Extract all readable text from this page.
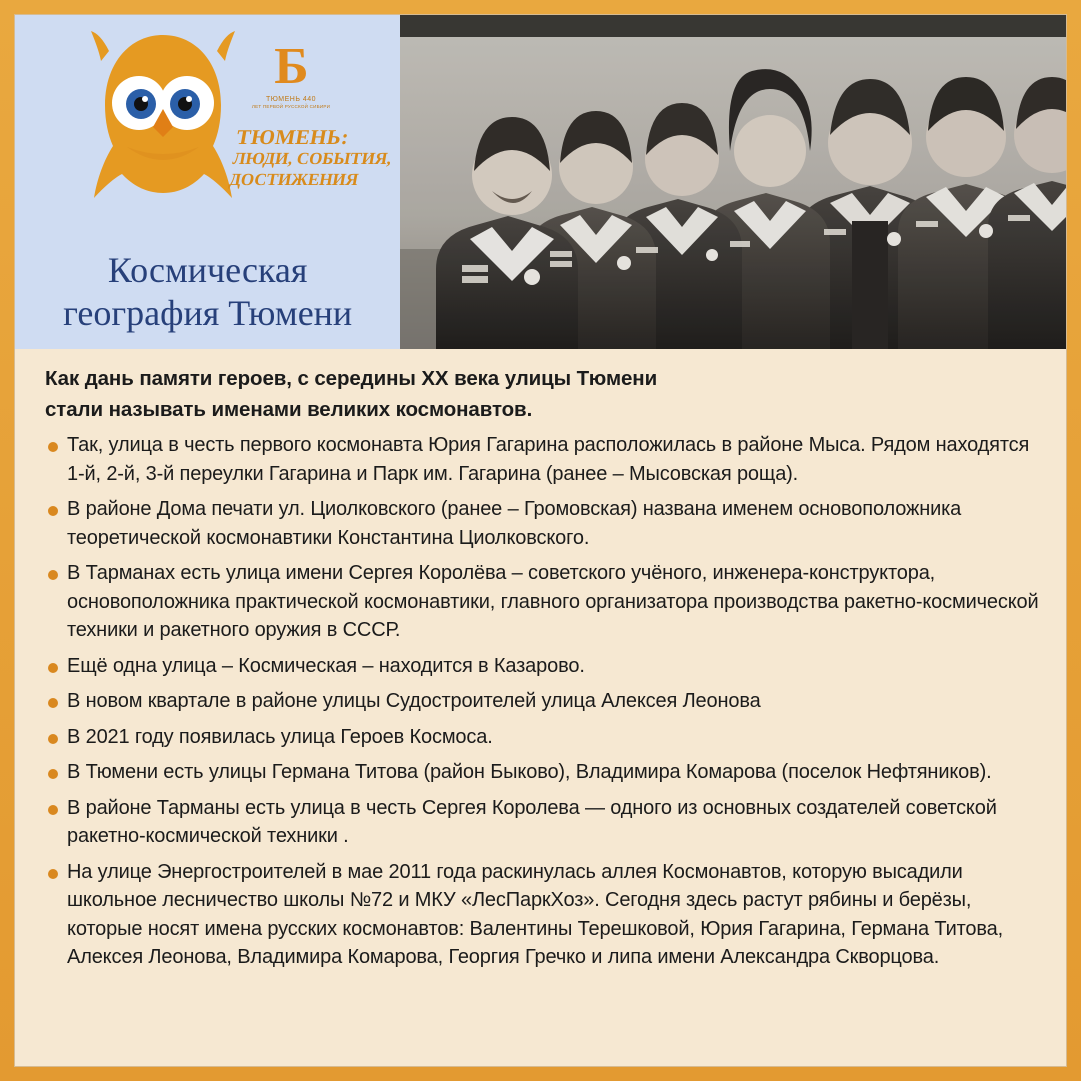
Б
ТЮМЕНЬ 440
ЛЕТ ПЕРВОЙ РУССКОЙ СИБИРИ
ТЮМЕНЬ:
ЛЮДИ, СОБЫТИЯ,
ДОСТИЖЕНИЯ
Космическая
география Тюмени
Как дань памяти героев, с середины XX века улицы Тюмени
стали называть именами великих космонавтов.
Так, улица в честь первого космонавта Юрия Гагарина расположилась в районе Мыса. Рядом находятся 1-й, 2-й, 3-й переулки Гагарина и Парк им. Гагарина (ранее – Мысовская роща).
В районе Дома печати ул. Циолковского (ранее – Громовская) названа именем основоположника теоретической космонавтики Константина Циолковского.
В Тарманах есть улица имени Сергея Королёва – советского учёного, инженера-конструктора, основоположника практической космонавтики, главного организатора производства ракетно-космической техники и ракетного оружия в СССР.
Ещё одна улица – Космическая – находится в Казарово.
В новом квартале в районе улицы Судостроителей улица Алексея Леонова
В 2021 году появилась улица Героев Космоса.
В Тюмени есть улицы Германа Титова (район Быково), Владимира Комарова (поселок Нефтяников).
В районе Тарманы есть улица в честь Сергея Королева — одного из основных создателей советской ракетно-космической техники .
На улице Энергостроителей в мае 2011 года раскинулась аллея Космонавтов, которую высадили школьное лесничество школы №72 и МКУ «ЛесПаркХоз». Сегодня здесь растут рябины и берёзы, которые носят имена русских космонавтов: Валентины Терешковой, Юрия Гагарина, Германа Титова, Алексея Леонова, Владимира Комарова, Георгия Гречко и липа имени Александра Скворцова.
